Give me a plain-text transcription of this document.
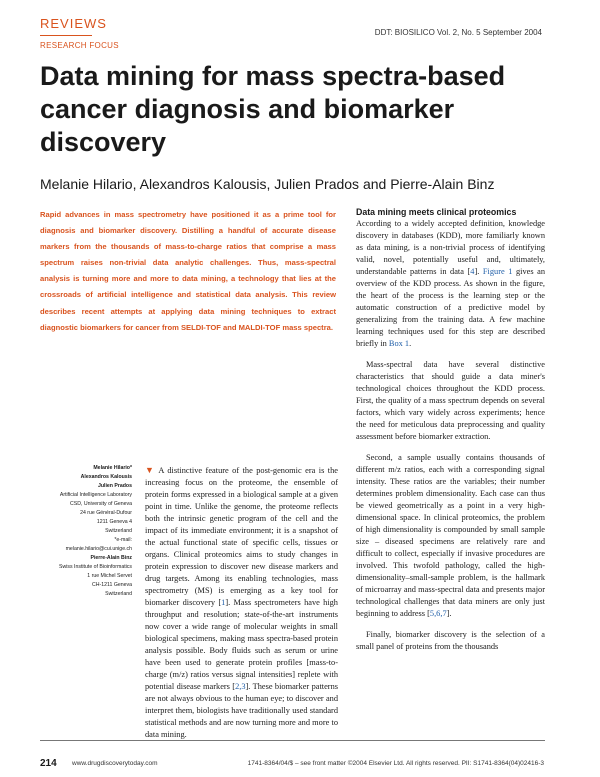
REVIEWS
RESEARCH FOCUS
DDT: BIOSILICO Vol. 2, No. 5 September 2004
Data mining for mass spectra-based cancer diagnosis and biomarker discovery
Melanie Hilario, Alexandros Kalousis, Julien Prados and Pierre-Alain Binz

Rapid advances in mass spectrometry have positioned it as a prime tool for diagnosis and biomarker discovery. Distilling a handful of accurate disease markers from the thousands of mass-to-charge ratios that comprise a mass spectrum raises non-trivial data analytic challenges. Thus, mass-spectral analysis is turning more and more to data mining, a technology that lies at the crossroads of artificial intelligence and statistical data analysis. This review describes recent attempts at applying data mining techniques to extract diagnostic biomarkers for cancer from SELDI-TOF and MALDI-TOF mass spectra.

Melanie Hilario*
Alexandros Kalousis
Julien Prados
Artificial Intelligence Laboratory
CSD, University of Geneva
24 rue Général-Dufour
1211 Geneva 4
Switzerland
*e-mail:
melanie.hilario@cui.unige.ch
Pierre-Alain Binz
Swiss Institute of Bioinformatics
1 rue Michel Servet
CH-1211 Geneva
Switzerland

▼ A distinctive feature of the post-genomic era is the increasing focus on the proteome, the ensemble of protein forms expressed in a biological sample at a given point in time. Unlike the genome, the proteome reflects both the intrinsic genetic program of the cell and the impact of its immediate environment; it is a snapshot of the actual functional state of specific cells, tissues or organs. Clinical proteomics aims to study changes in protein expression to discover new disease markers and drug targets. Among its enabling technologies, mass spectrometry (MS) is emerging as a key tool for biomarker discovery [1]. Mass spectrometers have high throughput and resolution; state-of-the-art instruments now cover a wide range of molecular weights in small biological specimens, making mass spectra-based protein analysis possible. Body fluids such as serum or urine have been used to generate protein profiles [mass-to-charge (m/z) ratios versus signal intensities] replete with potential disease markers [2,3]. These biomarker patterns are not always obvious to the human eye; to discover and interpret them, biologists have traditionally used standard statistical methods and are now turning more and more to data mining.

Data mining meets clinical proteomics

According to a widely accepted definition, knowledge discovery in databases (KDD), more familiarly known as data mining, is a non-trivial process of identifying valid, novel, potentially useful and, ultimately, understandable patterns in data [4]. Figure 1 gives an overview of the KDD process. As shown in the figure, the heart of the process is the learning step or the automatic construction of a predictive model by generalizing from the training data. A few machine learning techniques used for this step are described briefly in Box 1.

Mass-spectral data have several distinctive characteristics that should guide a data miner's technological choices throughout the KDD process. First, the quality of a mass spectrum depends on several factors, which vary widely across experiments; hence the need for meticulous data preprocessing and quality assessment before biomarker extraction.

Second, a sample usually contains thousands of different m/z ratios, each with a corresponding signal intensity. These ratios are the variables; their number determines problem dimensionality. Each case can thus be viewed geometrically as a point in a very high-dimensional space. In clinical proteomics, the problem of high dimensionality is compounded by small sample size – diseased specimens are relatively rare and difficult to collect, especially if invasive procedures are involved. This twofold pathology, called the high-dimensionality–small-sample problem, is the hallmark of microarray and mass-spectral data and presents major technological challenges that data miners are only just beginning to address [5,6,7].

Finally, biomarker discovery is the selection of a small panel of proteins from the thousands

214 www.drugdiscoverytoday.com	1741-8364/04/$ – see front matter ©2004 Elsevier Ltd. All rights reserved. PII: S1741-8364(04)02416-3
